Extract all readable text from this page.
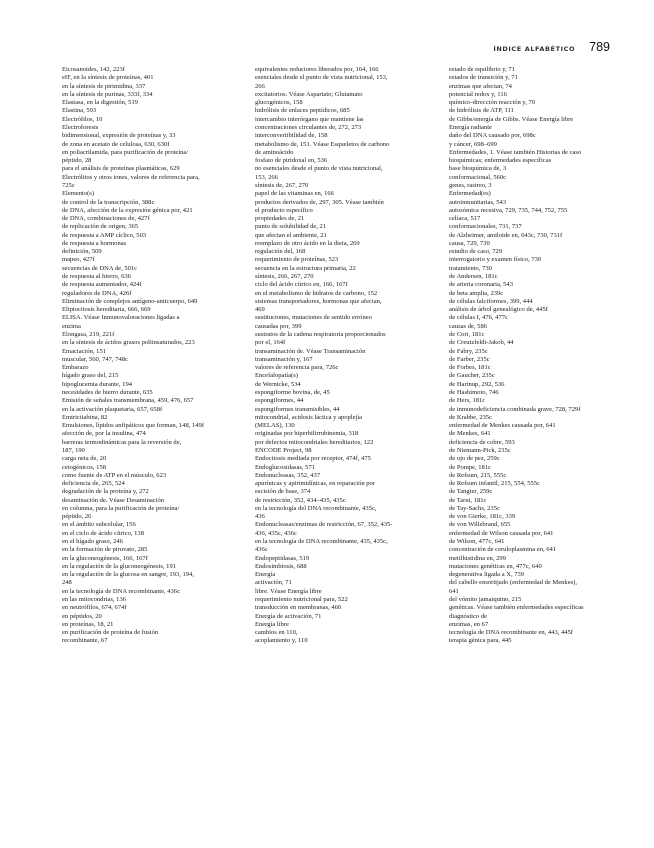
ÍNDICE ALFABÉTICO 789
Eicosanoides, 142, 223f
eIF, en la síntesis de proteínas, 401
en la síntesis de pirimidina, 337
en la síntesis de purinas, 333f, 334
Elastasa, en la digestión, 519
Elastina, 593
Electrófilos, 10
Electroforesis
bidimensional, expresión de proteínas y, 33
de zona en acetato de celulosa, 630, 630f
en poliacrilamida, para purificación de proteína/
péptido, 28
para el análisis de proteínas plasmáticas, 629
Electrólitos y otros iones, valores de referencia para,
725c
Elemento(s)
de control de la transcripción, 388c
de DNA, afección de la expresión génica por, 421
de DNA, combinaciones de, 427f
de replicación de origen, 365
de respuesta a AMP cíclico, 503
de respuesta a hormonas
definición, 509
mapeo, 427f
secuencias de DNA de, 501c
de respuesta al hierro, 636
de respuesta aumentador, 424f
reguladores de DNA, 426f
Eliminación de complejos antígeno-anticuerpo, 649
Eliptocitosis hereditaria, 666, 669
ELISA. Véase Inmunovaloraciones ligadas a
enzima
Elongasa, 219, 221f
en la síntesis de ácidos grasos poliinsaturados, 223
Emaciación, 151
muscular, 560, 747, 748c
Embarazo
hígado graso del, 215
hipoglucemia durante, 194
necesidades de hierro durante, 635
Emisión de señales transmembrana, 459, 476, 657
en la activación plaquetaria, 657, 658f
Emtricitabina, 82
Emulsiones, lípidos anfipáticos que forman, 148, 149f
afección de, por la insulina, 474
barreras termodinámicas para la reversión de,
187, 190
carga neta de, 20
cetogénicos, 158
como fuente de ATP en el músculo, 623
deficiencia de, 265, 524
degradación de la proteína y, 272
desaminación de. Véase Desaminación
en columna, para la purificación de proteína/
péptido, 26
en el ámbito subcelular, 156
en el ciclo de ácido cítrico, 138
en el hígado graso, 246
en la formación de piruvato, 285
en la gluconeogénesis, 166, 167f
en la regulación de la gluconeogénesis, 191
en la regulación de la glucosa en sangre, 193, 194,
248
en la tecnología de DNA recombinante, 436c
en las mitocondrias, 136
en neutrófilos, 674, 674f
en péptidos, 20
en proteínas, 18, 21
en purificación de proteína de fusión
recombinante, 67
equivalentes reductores liberados por, 164, 166
esenciales desde el punto de vista nutricional, 153,
266
excitatorios. Véase Aspartato; Glutamato
glucogénicos, 158
hidrólisis de enlaces peptídicos, 685
intercambio interórgano que mantiene las
concentraciones circulantes de, 272, 273
interconvertibilidad de, 158
metabolismo de, 151. Véase Esqueletos de carbono
de aminoácido
fosfato de piridoxal en, 536
no esenciales desde el punto de vista nutricional,
153, 266
síntesis de, 267, 270
papel de las vitaminas en, 166
productos derivados de, 297, 305. Véase también
el producto específico
propiedades de, 21
punto de solubilidad de, 21
que afectan el ambiente, 21
reemplazo de otro ácido en la dieta, 269
regulación del, 168
requerimiento de proteínas, 523
secuencia en la estructura primaria, 22
síntesis, 266, 267, 270
ciclo del ácido cítrico en, 166, 167f
en el metabolismo de hidratos de carbono, 152
sistemas transportadores, hormonas que afectan,
469
sustituciones, mutaciones de sentido erróneo
causadas por, 399
sustratos de la cadena respiratoria proporcionados
por el, 164f
transaminación de. Véase Transaminación
transaminación y, 167
valores de referencia para, 726c
Encefalopatía(s)
de Wernicke, 534
espongiforme bovina, de, 45
espongiformes, 44
espongiformes transmisibles, 44
mitocondrial, acidosis láctica y apoplejía
(MELAS), 130
originadas por hiperbilirrubinemia, 318
por defectos mitocondriales hereditarios, 122
ENCODE Project, 98
Endocitosis mediada por receptor, 474f, 475
Endoglucosidasas, 571
Endonucleasas, 352, 437
apurínicas y apirimidínicas, en reparación por
escisión de base, 374
de restricción, 352, 434–435, 435c
en la tecnología del DNA recombinante, 435c,
436
Endonucleasas/enzimas de restricción, 67, 352, 435-
436, 435c, 436c
en la tecnología de DNA recombinante, 435, 435c,
436c
Endopeptidasas, 519
Endosimbiosis, 688
Energía
activación, 71
libre. Véase Energía libre
requerimiento nutricional para, 522
transducción en membranas, 460
Energía de activación, 71
Energía libre
cambios en 110,
acoplamiento y, 110
estado de equilibrio y, 71
estados de transición y, 71
enzimas que afectan, 74
potencial redox y, 116
químico-dirección reacción y, 70
de hidrólisis de ATP, 111
de Gibbs/energía de Gibbs. Véase Energía libre
Energía radiante
daño del DNA causado por, 698c
y cáncer, 698–699
Enfermedades, 1. Véase también Historias de caso
bioquímicas; enfermedades específicas
base bioquímica de, 3
conformacional, 560c
genes, rastreo, 3
Enfermedad(es)
autoinmunitarias, 543
autosómica recesiva, 729, 735, 744, 752, 755
celíaca, 517
conformacionales, 731, 737
de Alzheimer, amiloide en, 643c, 730, 731f
causa, 729, 730
estudio de caso, 729
interrogatorio y examen físico, 730
tratamiento, 730
de Andersen, 181c
de arteria coronaria, 543
de beta amplia, 239c
de células falciformes, 399, 444
análisis de árbol genealógico de, 445f
de células I, 476, 477c
causas de, 586
de Cori, 181c
de Creutzfeldt-Jakob, 44
de Fabry, 235c
de Farber, 235c
de Forbes, 181c
de Gaucher, 235c
de Hartnup, 292, 536
de Hashimoto, 746
de Hers, 181c
de inmunodeficiencia combinada grave, 728, 729f
de Krabbe, 235c
enfermedad de Menkes causada por, 641
de Menkes, 641
deficiencia de cobre, 593
de Niemann-Pick, 235c
de ojo de pez, 259c
de Pompe, 181c
de Refsum, 215, 555c
de Refsum infantil, 215, 554, 555c
de Tangier, 259c
de Tarui, 181c
de Tay-Sachs, 235c
de von Gierke, 181c, 339
de von Willebrand, 655
enfermedad de Wilson causada por, 641
de Wilson, 477c, 641
concentración de ceruloplasmina en, 641
metilhistidina en, 299
mutaciones genéticas en, 477c, 640
degenerativa ligada a X, 739
del cabello ensortijado (enfermedad de Menkes),
641
del vómito jamaiquino, 215
genéticas. Véase también enfermedades específicas
diagnóstico de
enzimas, en 67
tecnología de DNA recombinante en, 443, 445f
terapia génica para, 445
